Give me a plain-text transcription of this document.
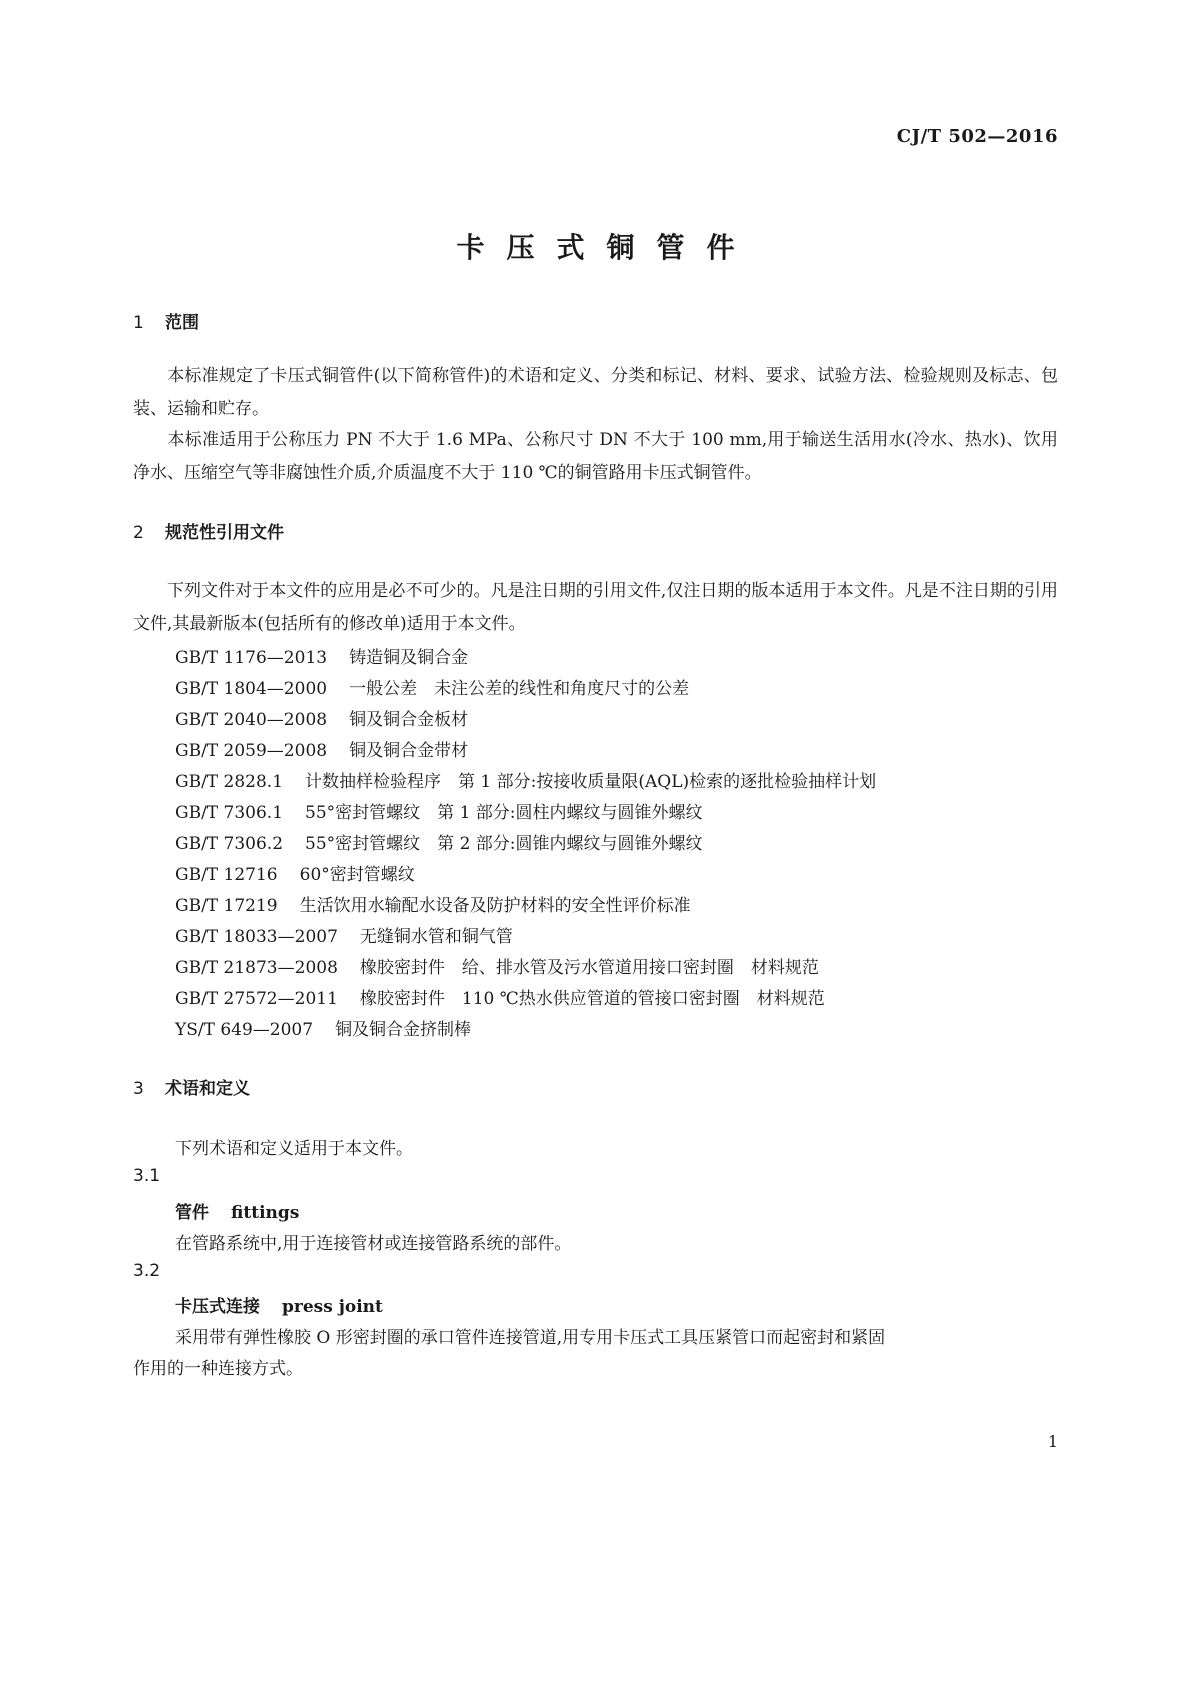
CJ/T 502—2016
卡压式铜管件
1 范围
本标准规定了卡压式铜管件(以下简称管件)的术语和定义、分类和标记、材料、要求、试验方法、检验规则及标志、包装、运输和贮存。
本标准适用于公称压力 PN 不大于 1.6 MPa、公称尺寸 DN 不大于 100 mm,用于输送生活用水(冷水、热水)、饮用净水、压缩空气等非腐蚀性介质,介质温度不大于 110 ℃的铜管路用卡压式铜管件。
2 规范性引用文件
下列文件对于本文件的应用是必不可少的。凡是注日期的引用文件,仅注日期的版本适用于本文件。凡是不注日期的引用文件,其最新版本(包括所有的修改单)适用于本文件。
GB/T 1176—2013 铸造铜及铜合金
GB/T 1804—2000 一般公差　未注公差的线性和角度尺寸的公差
GB/T 2040—2008 铜及铜合金板材
GB/T 2059—2008 铜及铜合金带材
GB/T 2828.1 计数抽样检验程序　第 1 部分:按接收质量限(AQL)检索的逐批检验抽样计划
GB/T 7306.1 55°密封管螺纹　第 1 部分:圆柱内螺纹与圆锥外螺纹
GB/T 7306.2 55°密封管螺纹　第 2 部分:圆锥内螺纹与圆锥外螺纹
GB/T 12716 60°密封管螺纹
GB/T 17219 生活饮用水输配水设备及防护材料的安全性评价标准
GB/T 18033—2007 无缝铜水管和铜气管
GB/T 21873—2008 橡胶密封件　给、排水管及污水管道用接口密封圈　材料规范
GB/T 27572—2011 橡胶密封件　110 ℃热水供应管道的管接口密封圈　材料规范
YS/T 649—2007 铜及铜合金挤制棒
3 术语和定义
下列术语和定义适用于本文件。
3.1
管件 fittings
在管路系统中,用于连接管材或连接管路系统的部件。
3.2
卡压式连接 press joint
采用带有弹性橡胶 O 形密封圈的承口管件连接管道,用专用卡压式工具压紧管口而起密封和紧固
作用的一种连接方式。
1
